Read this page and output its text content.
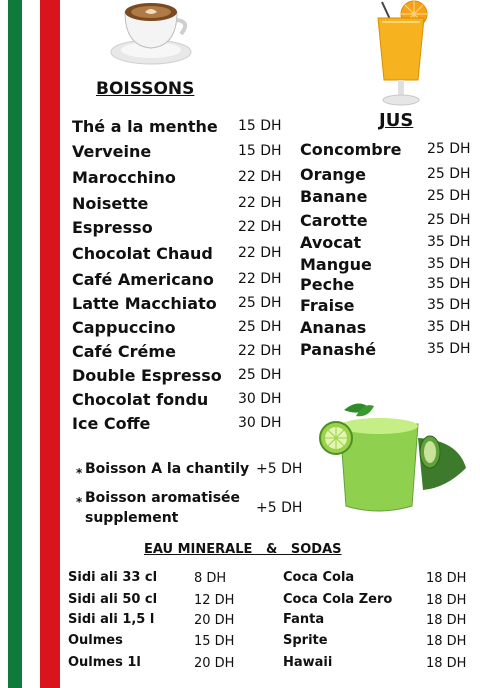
BOISSONS
Thé a la menthe 15 DH
Verveine	15 DH
Marocchino	22 DH
Noisette	22 DH
Espresso	22 DH
Chocolat Chaud 22 DH
Café Americano 22 DH
Latte Macchiato 25 DH
Cappuccino	25 DH
Café Créme	22 DH
Double Espresso 25 DH
Chocolat fondu 30 DH
Ice Coffe	30 DH
JUS
Concombre 25 DH
Orange	25 DH
Banane	25 DH
Carotte	25 DH
Avocat	35 DH
Mangue	35 DH
Peche	35 DH
Fraise	35 DH
Ananas	35 DH
Panashé	35 DH
* Boisson A la chantily +5 DH
* Boisson aromatisée
supplement
+5 DH
EAU MINERALE   &   SODAS
Sidi ali 33 cl	8 DH
Sidi ali 50 cl	12 DH
Sidi ali 1,5 l	20 DH
Oulmes	15 DH
Oulmes 1l	20 DH
Coca Cola	18 DH
Coca Cola Zero	18 DH
Fanta	18 DH
Sprite	18 DH
Hawaii	18 DH
